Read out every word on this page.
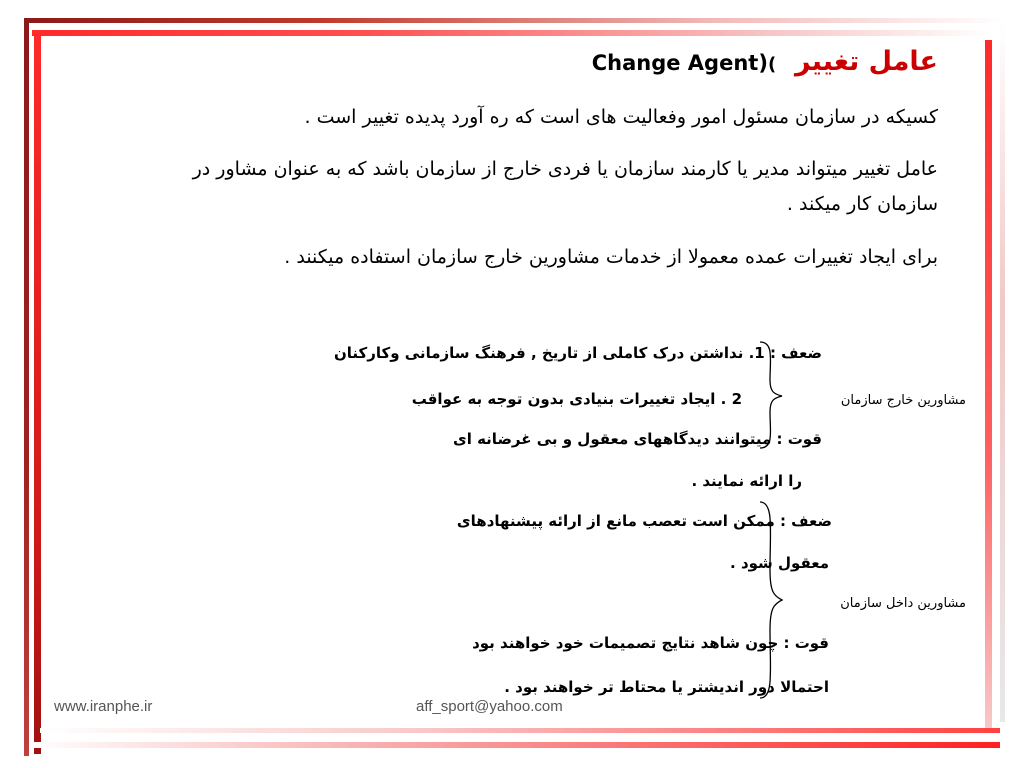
عامل تغییر  )(Change Agent
کسیکه در سازمان مسئول امور وفعالیت های است که ره آورد پدیده تغییر است .
عامل تغییر میتواند مدیر یا کارمند سازمان یا فردی خارج از سازمان باشد که به عنوان مشاور در
سازمان کار میکند .
برای ایجاد تغییرات عمده معمولا از خدمات مشاورین خارج سازمان استفاده میکنند .
مشاورین خارج سازمان
ضعف : 1. نداشتن درک کاملی از تاریخ , فرهنگ سازمانی وکارکنان
2 . ایجاد تغییرات بنیادی بدون توجه به عواقب
قوت : میتوانند دیدگاههای معقول و بی غرضانه ای
را ارائه نمایند .
مشاورین داخل سازمان
ضعف : ممکن است تعصب مانع از ارائه پیشنهادهای
معقول شود .
قوت : چون شاهد نتایج تصمیمات خود خواهند بود
احتمالا دور اندیشتر یا محتاط تر خواهند بود .
www.iranphe.ir	aff_sport@yahoo.com
